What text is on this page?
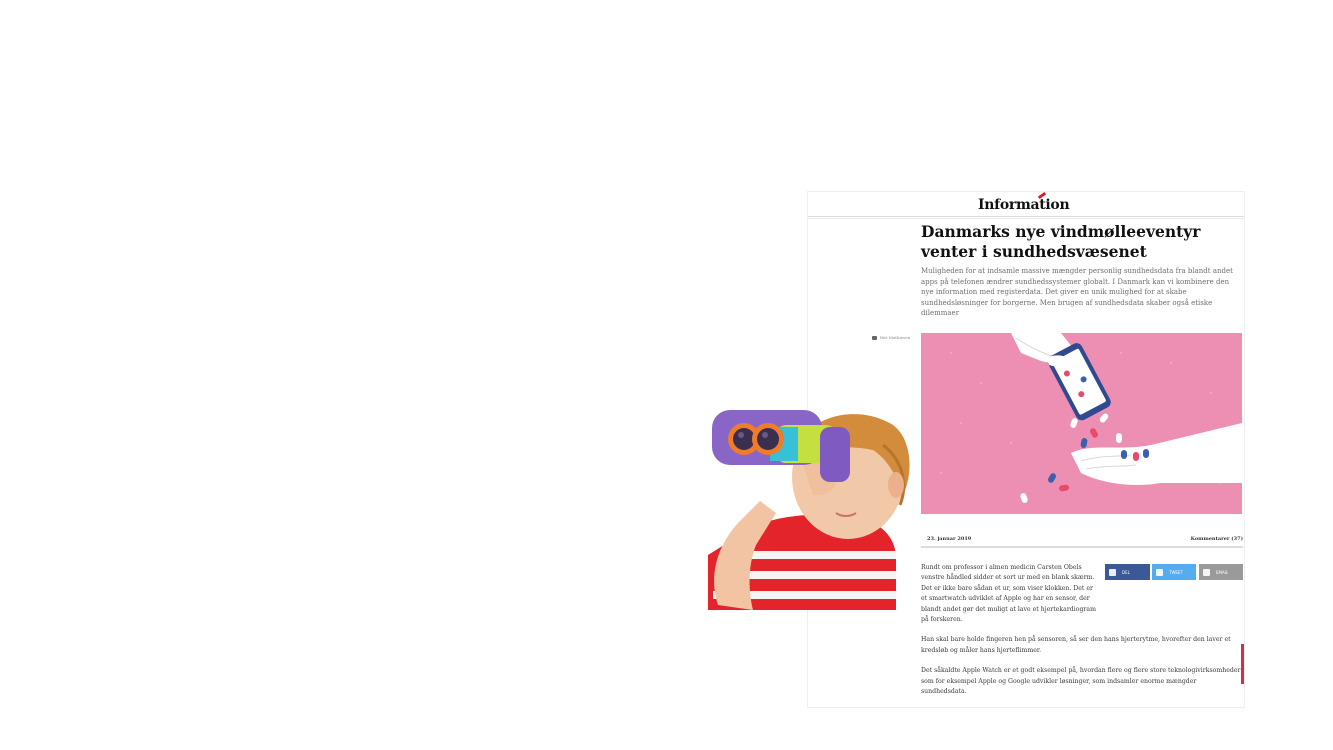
Information
Danmarks nye vindmølleeventyr venter i sundhedsvæsenet
Muligheden for at indsamle massive mængder personlig sundhedsdata fra blandt andet apps på telefonen ændrer sundhedssystemer globalt. I Danmark kan vi kombinere den nye information med registerdata. Det giver en unik mulighed for at skabe sundhedsløsninger for borgerne. Men brugen af sundhedsdata skaber også etiske dilemmaer
Ritt Mathiesen
23. januar 2019	Kommentarer (37)
DEL	TWEET	EMAIL

Rundt om professor i almen medicin Carsten Obels venstre håndled sidder et sort ur med en blank skærm. Det er ikke bare sådan et ur, som viser klokken. Det er et smartwatch udviklet af Apple og har en sensor, der blandt andet gør det muligt at lave et hjertekardiogram på forskeren.

Han skal bare holde fingeren hen på sensoren, så ser den hans hjerterytme, hvorefter den laver et kredsløb og måler hans hjerteflimmer.

Det såkaldte Apple Watch er et godt eksempel på, hvordan flere og flere store teknologivirksomheder som for eksempel Apple og Google udvikler løsninger, som indsamler enorme mængder sundhedsdata.
